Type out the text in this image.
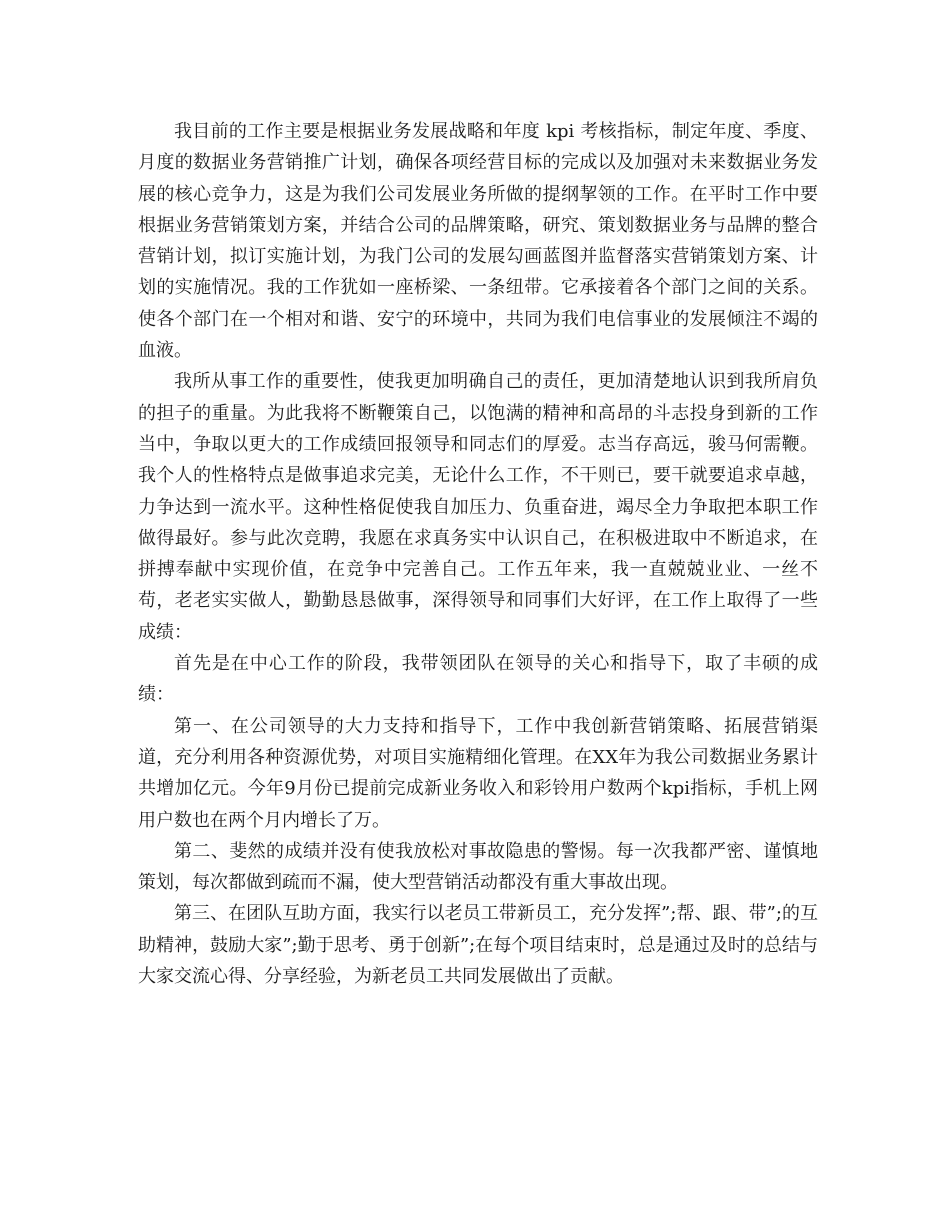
我目前的工作主要是根据业务发展战略和年度 kpi 考核指标，制定年度、季度、月度的数据业务营销推广计划，确保各项经营目标的完成以及加强对未来数据业务发展的核心竞争力，这是为我们公司发展业务所做的提纲挈领的工作。在平时工作中要根据业务营销策划方案，并结合公司的品牌策略，研究、策划数据业务与品牌的整合营销计划，拟订实施计划，为我门公司的发展勾画蓝图并监督落实营销策划方案、计划的实施情况。我的工作犹如一座桥梁、一条纽带。它承接着各个部门之间的关系。使各个部门在一个相对和谐、安宁的环境中，共同为我们电信事业的发展倾注不竭的血液。

我所从事工作的重要性，使我更加明确自己的责任，更加清楚地认识到我所肩负的担子的重量。为此我将不断鞭策自己，以饱满的精神和高昂的斗志投身到新的工作当中，争取以更大的工作成绩回报领导和同志们的厚爱。志当存高远，骏马何需鞭。我个人的性格特点是做事追求完美，无论什么工作，不干则已，要干就要追求卓越，力争达到一流水平。这种性格促使我自加压力、负重奋进，竭尽全力争取把本职工作做得最好。参与此次竞聘，我愿在求真务实中认识自己，在积极进取中不断追求，在拼搏奉献中实现价值，在竞争中完善自己。工作五年来，我一直兢兢业业、一丝不苟，老老实实做人，勤勤恳恳做事，深得领导和同事们大好评，在工作上取得了一些成绩：

首先是在中心工作的阶段，我带领团队在领导的关心和指导下，取了丰硕的成绩：

第一、在公司领导的大力支持和指导下，工作中我创新营销策略、拓展营销渠道，充分利用各种资源优势，对项目实施精细化管理。在XX年为我公司数据业务累计共增加亿元。今年9月份已提前完成新业务收入和彩铃用户数两个kpi指标，手机上网用户数也在两个月内增长了万。

第二、斐然的成绩并没有使我放松对事故隐患的警惕。每一次我都严密、谨慎地策划，每次都做到疏而不漏，使大型营销活动都没有重大事故出现。

第三、在团队互助方面，我实行以老员工带新员工，充分发挥”;帮、跟、带”;的互助精神，鼓励大家”;勤于思考、勇于创新”;在每个项目结束时，总是通过及时的总结与大家交流心得、分享经验，为新老员工共同发展做出了贡献。
